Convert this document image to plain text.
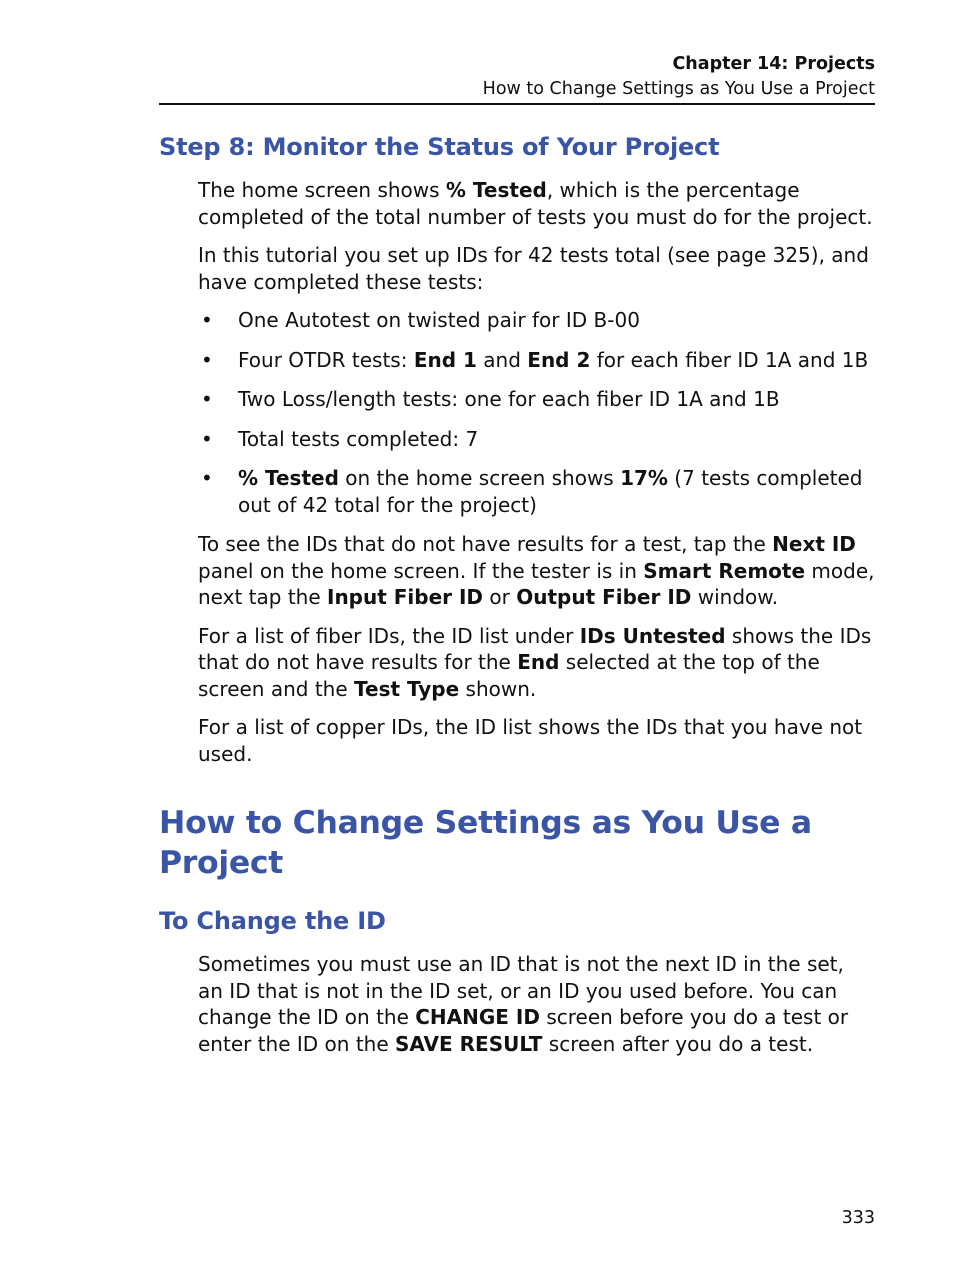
Chapter 14: Projects
How to Change Settings as You Use a Project
Step 8: Monitor the Status of Your Project

The home screen shows % Tested, which is the percentage completed of the total number of tests you must do for the project.

In this tutorial you set up IDs for 42 tests total (see page 325), and have completed these tests:

• One Autotest on twisted pair for ID B-00
• Four OTDR tests: End 1 and End 2 for each fiber ID 1A and 1B
• Two Loss/length tests: one for each fiber ID 1A and 1B
• Total tests completed: 7
• % Tested on the home screen shows 17% (7 tests completed out of 42 total for the project)

To see the IDs that do not have results for a test, tap the Next ID panel on the home screen. If the tester is in Smart Remote mode, next tap the Input Fiber ID or Output Fiber ID window.

For a list of fiber IDs, the ID list under IDs Untested shows the IDs that do not have results for the End selected at the top of the screen and the Test Type shown.

For a list of copper IDs, the ID list shows the IDs that you have not used.

How to Change Settings as You Use a Project
To Change the ID

Sometimes you must use an ID that is not the next ID in the set, an ID that is not in the ID set, or an ID you used before. You can change the ID on the CHANGE ID screen before you do a test or enter the ID on the SAVE RESULT screen after you do a test.

333
